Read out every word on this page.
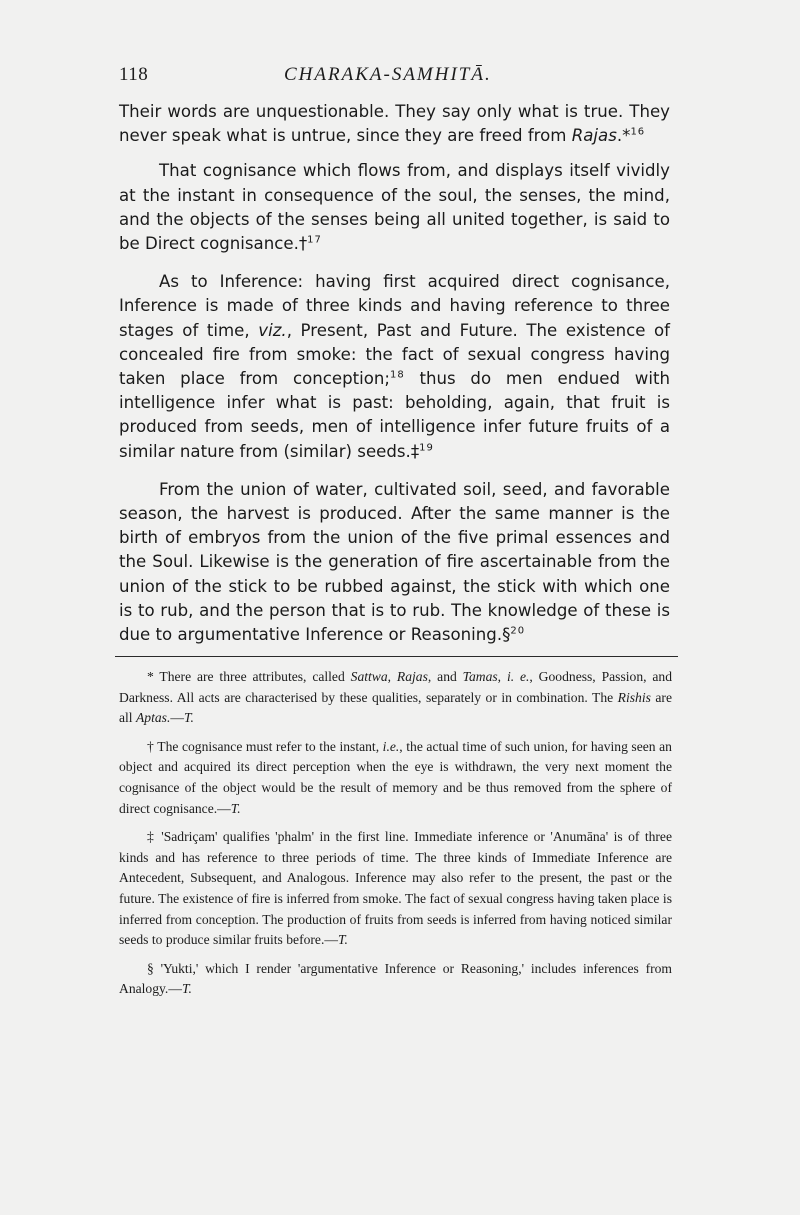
118	CHARAKA-SAMHITĀ.

Their words are unquestionable. They say only what is true. They never speak what is untrue, since they are freed from Rajas.*$^{16}$

That cognisance which flows from, and displays itself vividly at the instant in consequence of the soul, the senses, the mind, and the objects of the senses being all united together, is said to be Direct cognisance.†$^{17}$

As to Inference: having first acquired direct cognisance, Inference is made of three kinds and having reference to three stages of time, viz., Present, Past and Future. The existence of concealed fire from smoke: the fact of sexual congress having taken place from conception;$^{18}$ thus do men endued with intelligence infer what is past: beholding, again, that fruit is produced from seeds, men of intelligence infer future fruits of a similar nature from (similar) seeds.‡$^{19}$

From the union of water, cultivated soil, seed, and favorable season, the harvest is produced. After the same manner is the birth of embryos from the union of the five primal essences and the Soul. Likewise is the generation of fire ascertainable from the union of the stick to be rubbed against, the stick with which one is to rub, and the person that is to rub. The knowledge of these is due to argumentative Inference or Reasoning.§$^{20}$

* There are three attributes, called Sattwa, Rajas, and Tamas, i. e., Goodness, Passion, and Darkness. All acts are characterised by these qualities, separately or in combination. The Rishis are all Aptas.—T.

† The cognisance must refer to the instant, i.e., the actual time of such union, for having seen an object and acquired its direct perception when the eye is withdrawn, the very next moment the cognisance of the object would be the result of memory and be thus removed from the sphere of direct cognisance.—T.

‡ 'Sadriçam' qualifies 'phalm' in the first line. Immediate inference or 'Anumāna' is of three kinds and has reference to three periods of time. The three kinds of Immediate Inference are Antecedent, Subsequent, and Analogous. Inference may also refer to the present, the past or the future. The existence of fire is inferred from smoke. The fact of sexual congress having taken place is inferred from conception. The production of fruits from seeds is inferred from having noticed similar seeds to produce similar fruits before.—T.

§ 'Yukti,' which I render 'argumentative Inference or Reasoning,' includes inferences from Analogy.—T.
